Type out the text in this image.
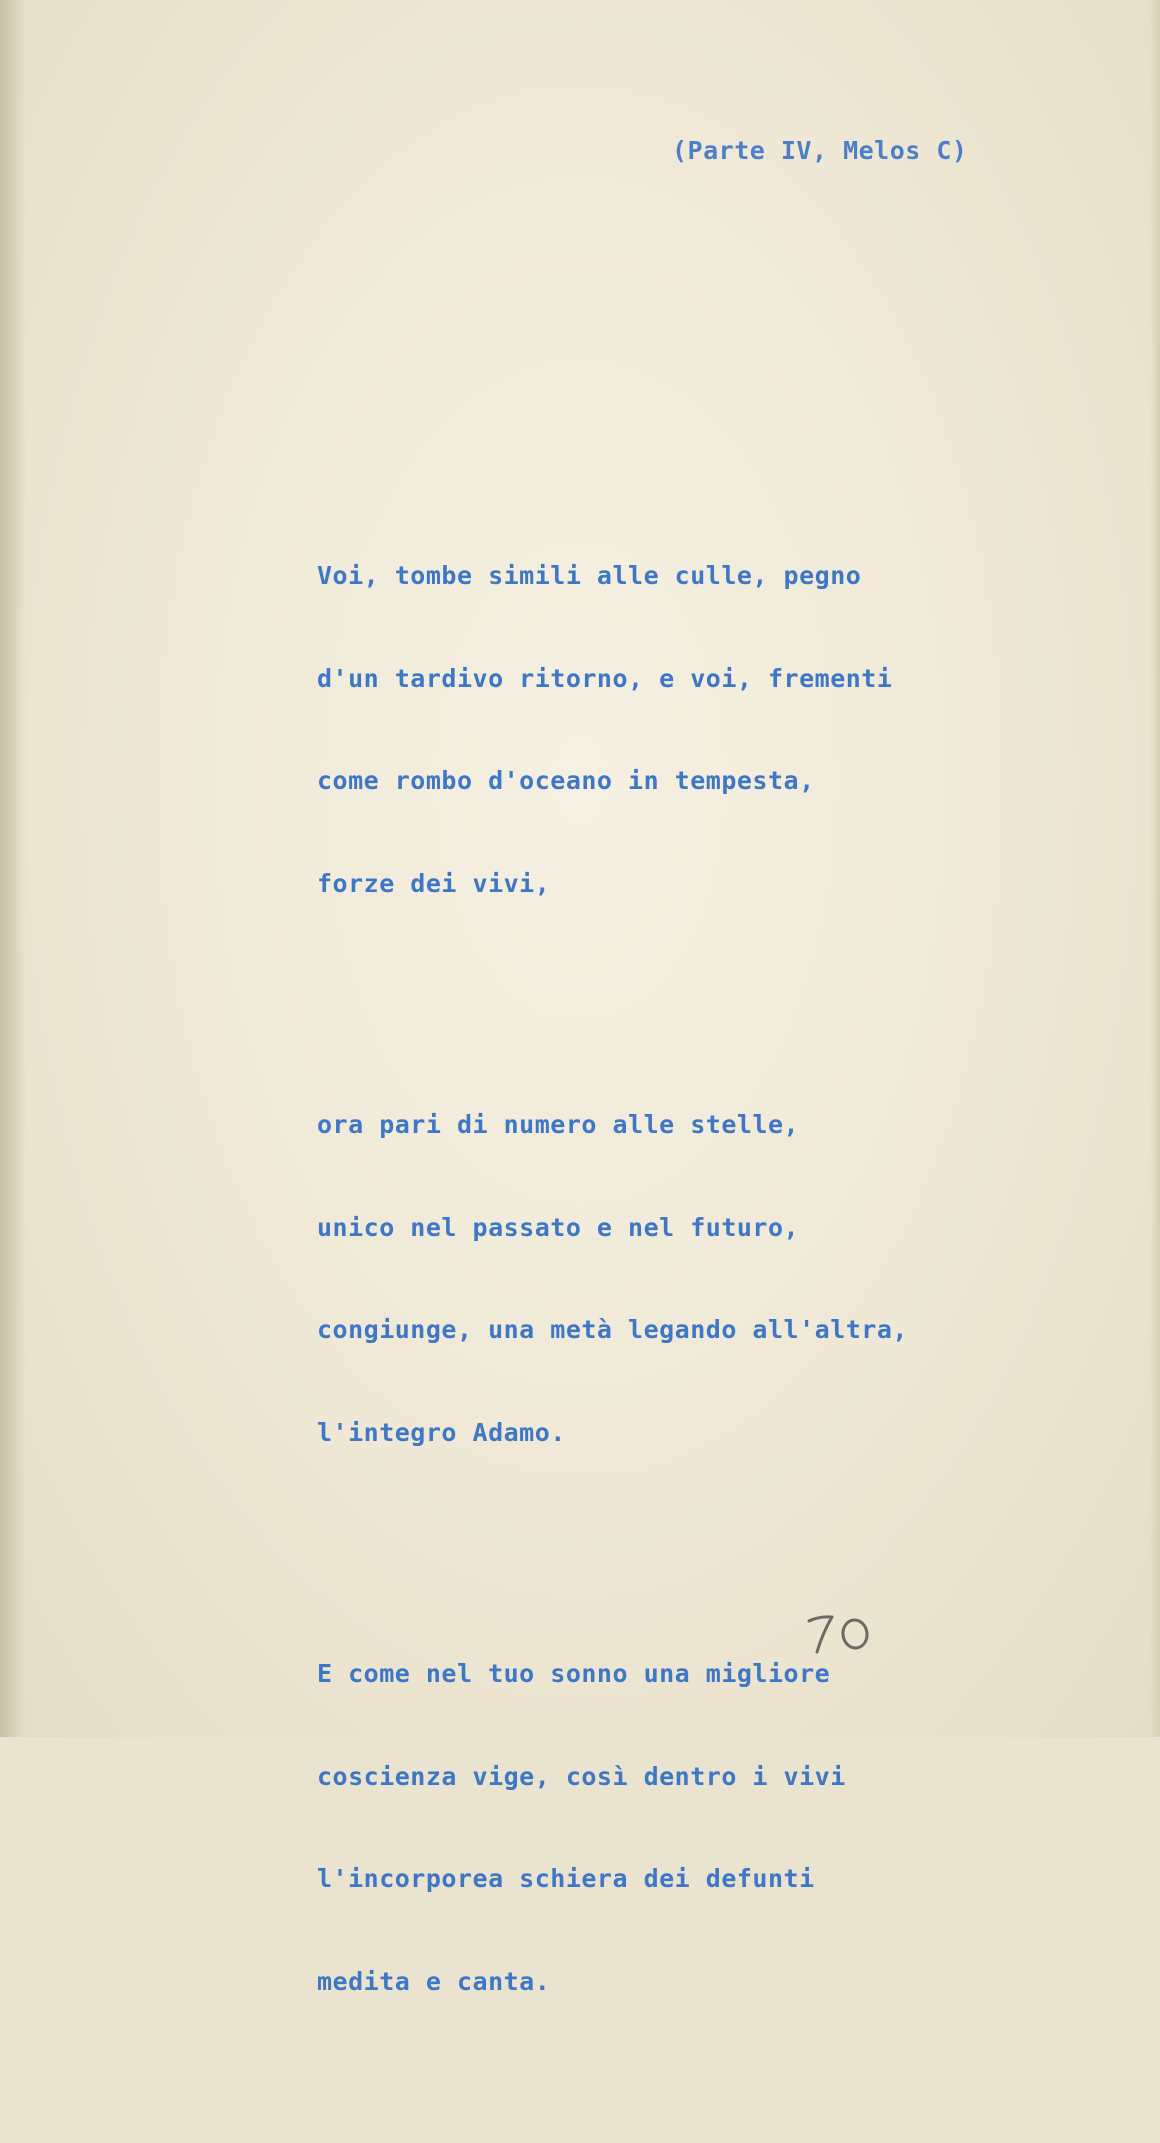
(Parte IV, Melos C)

Voi, tombe simili alle culle, pegno

d'un tardivo ritorno, e voi, frementi

come rombo d'oceano in tempesta,

forze dei vivi,

ora pari di numero alle stelle,

unico nel passato e nel futuro,

congiunge, una metà legando all'altra,

l'integro Adamo.

E come nel tuo sonno una migliore

coscienza vige, così dentro i vivi

l'incorporea schiera dei defunti

medita e canta.
